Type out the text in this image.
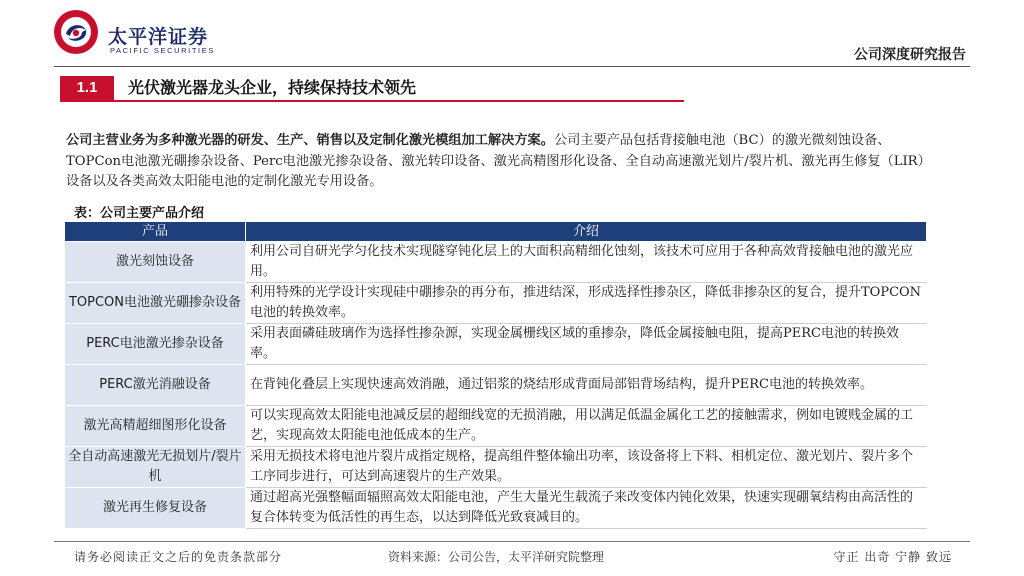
太平洋证券
PACIFIC SECURITIES	公司深度研究报告
1.1	光伏激光器龙头企业，持续保持技术领先

公司主营业务为多种激光器的研发、生产、销售以及定制化激光模组加工解决方案。公司主要产品包括背接触电池（BC）的激光微刻蚀设备、TOPCon电池激光硼掺杂设备、Perc电池激光掺杂设备、激光转印设备、激光高精图形化设备、全自动高速激光划片/裂片机、激光再生修复（LIR）设备以及各类高效太阳能电池的定制化激光专用设备。

表：公司主要产品介绍
产品	介绍
激光刻蚀设备	利用公司自研光学匀化技术实现隧穿钝化层上的大面积高精细化蚀刻，该技术可应用于各种高效背接触电池的激光应用。
TOPCON电池激光硼掺杂设备	利用特殊的光学设计实现硅中硼掺杂的再分布，推进结深，形成选择性掺杂区，降低非掺杂区的复合，提升TOPCON电池的转换效率。
PERC电池激光掺杂设备	采用表面磷硅玻璃作为选择性掺杂源，实现金属栅线区域的重掺杂，降低金属接触电阻，提高PERC电池的转换效率。
PERC激光消融设备	在背钝化叠层上实现快速高效消融，通过铝浆的烧结形成背面局部铝背场结构，提升PERC电池的转换效率。
激光高精超细图形化设备	可以实现高效太阳能电池减反层的超细线宽的无损消融，用以满足低温金属化工艺的接触需求，例如电镀贱金属的工艺，实现高效太阳能电池低成本的生产。
全自动高速激光无损划片/裂片机	采用无损技术将电池片裂片成指定规格，提高组件整体输出功率，该设备将上下料、相机定位、激光划片、裂片多个工序同步进行，可达到高速裂片的生产效果。
激光再生修复设备	通过超高光强整幅面辐照高效太阳能电池，产生大量光生载流子来改变体内钝化效果，快速实现硼氧结构由高活性的复合体转变为低活性的再生态，以达到降低光致衰减目的。
请务必阅读正文之后的免责条款部分	资料来源：公司公告，太平洋研究院整理	守正 出奇 宁静 致远
